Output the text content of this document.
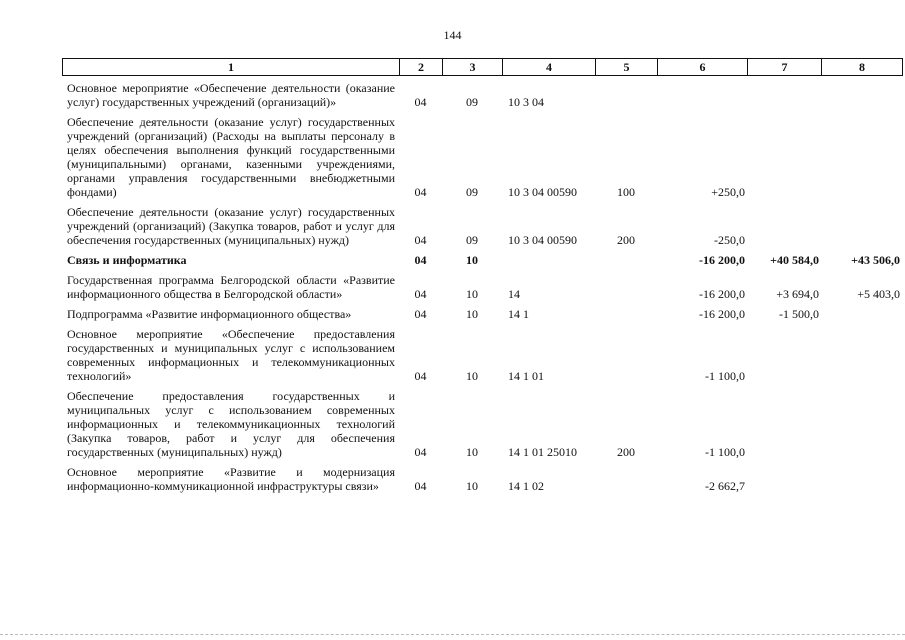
144
1	2	3	4	5	6	7	8
Основное мероприятие «Обеспечение деятельности (оказание услуг) государственных учреждений (организаций)»	04	09	10 3 04				
Обеспечение деятельности (оказание услуг) государственных учреждений (организаций) (Расходы на выплаты персоналу в целях обеспечения выполнения функций государственными (муниципальными) органами, казенными учреждениями, органами управления государственными внебюджетными фондами)	04	09	10 3 04 00590	100	+250,0		
Обеспечение деятельности (оказание услуг) государственных учреждений (организаций) (Закупка товаров, работ и услуг для обеспечения государственных (муниципальных) нужд)	04	09	10 3 04 00590	200	-250,0		
Связь и информатика	04	10			-16 200,0	+40 584,0	+43 506,0
Государственная программа Белгородской области «Развитие информационного общества в Белгородской области»	04	10	14		-16 200,0	+3 694,0	+5 403,0
Подпрограмма «Развитие информационного общества»	04	10	14 1		-16 200,0	-1 500,0	
Основное мероприятие «Обеспечение предоставления государственных и муниципальных услуг с использованием современных информационных и телекоммуникационных технологий»	04	10	14 1 01		-1 100,0		
Обеспечение предоставления государственных и муниципальных услуг с использованием современных информационных и телекоммуникационных технологий (Закупка товаров, работ и услуг для обеспечения государственных (муниципальных) нужд)	04	10	14 1 01 25010	200	-1 100,0		
Основное мероприятие «Развитие и модернизация информационно-коммуникационной инфраструктуры связи»	04	10	14 1 02		-2 662,7		
